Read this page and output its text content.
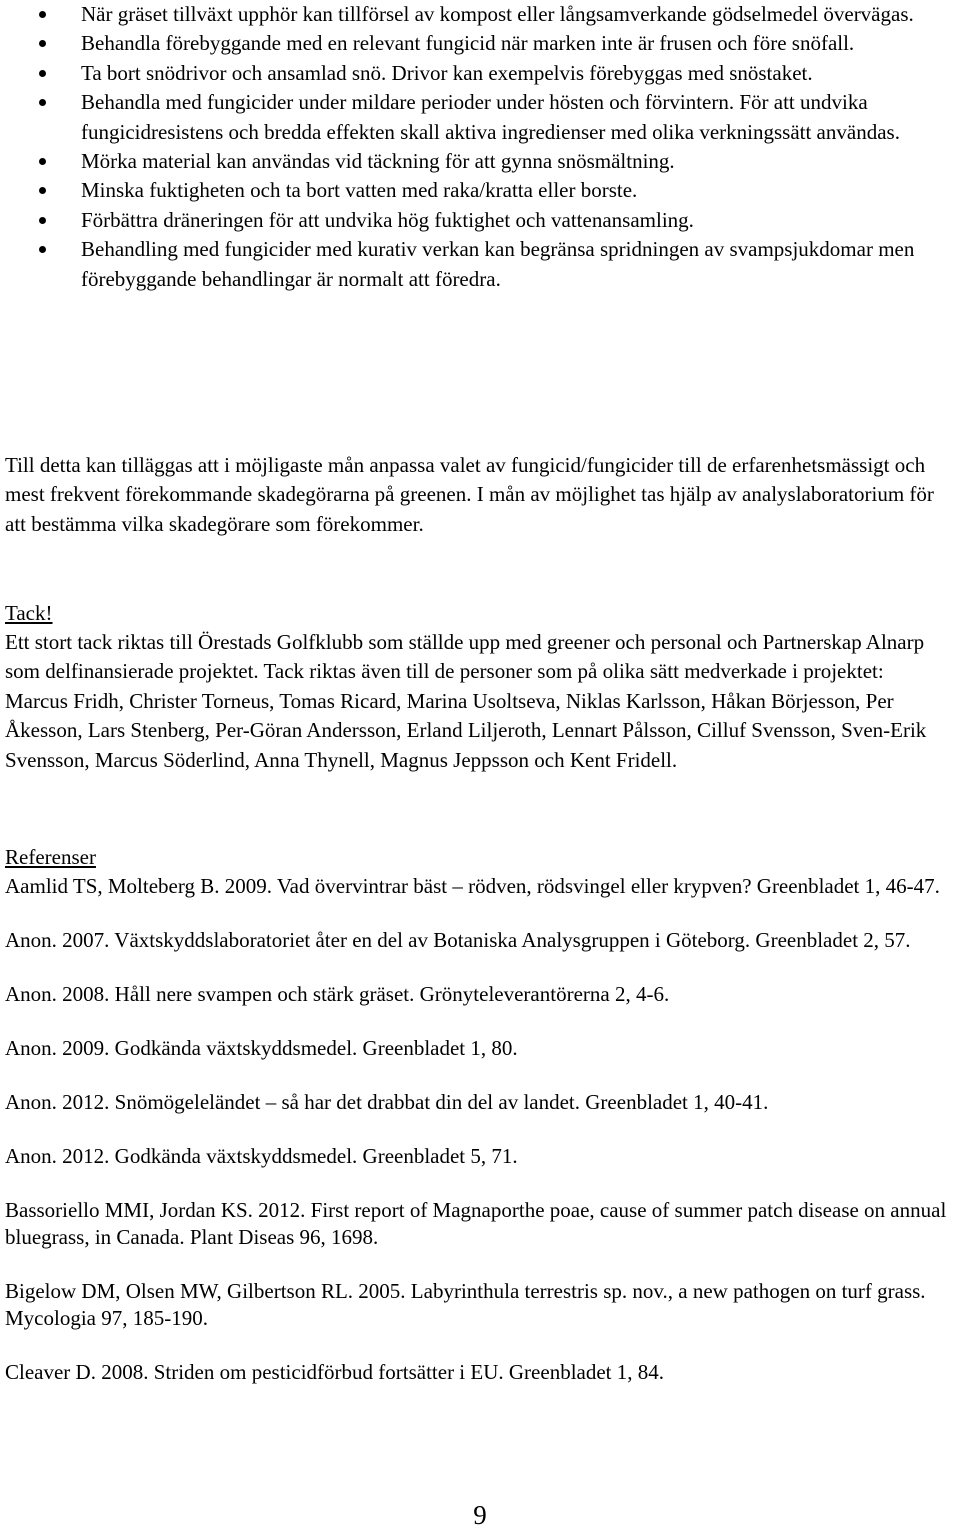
När gräset tillväxt upphör kan tillförsel av kompost eller långsamverkande gödselmedel övervägas.
Behandla förebyggande med en relevant fungicid när marken inte är frusen och före snöfall.
Ta bort snödrivor och ansamlad snö. Drivor kan exempelvis förebyggas med snöstaket.
Behandla med fungicider under mildare perioder under hösten och förvintern. För att undvika fungicidresistens och bredda effekten skall aktiva ingredienser med olika verkningssätt användas.
Mörka material kan användas vid täckning för att gynna snösmältning.
Minska fuktigheten och ta bort vatten med raka/kratta eller borste.
Förbättra dräneringen för att undvika hög fuktighet och vattenansamling.
Behandling med fungicider med kurativ verkan kan begränsa spridningen av svampsjukdomar men förebyggande behandlingar är normalt att föredra.

Till detta kan tilläggas att i möjligaste mån anpassa valet av fungicid/fungicider till de erfarenhetsmässigt och mest frekvent förekommande skadegörarna på greenen. I mån av möjlighet tas hjälp av analyslaboratorium för att bestämma vilka skadegörare som förekommer.

Tack!

Ett stort tack riktas till Örestads Golfklubb som ställde upp med greener och personal och Partnerskap Alnarp som delfinansierade projektet. Tack riktas även till de personer som på olika sätt medverkade i projektet: Marcus Fridh, Christer Torneus, Tomas Ricard, Marina Usoltseva, Niklas Karlsson, Håkan Börjesson, Per Åkesson, Lars Stenberg, Per-Göran Andersson, Erland Liljeroth, Lennart Pålsson, Cilluf Svensson, Sven-Erik Svensson, Marcus Söderlind, Anna Thynell, Magnus Jeppsson och Kent Fridell.

Referenser
Aamlid TS, Molteberg B. 2009. Vad övervintrar bäst – rödven, rödsvingel eller krypven? Greenbladet 1, 46-47.
Anon. 2007. Växtskyddslaboratoriet åter en del av Botaniska Analysgruppen i Göteborg. Greenbladet 2, 57.
Anon. 2008. Håll nere svampen och stärk gräset. Grönyteleverantörerna 2, 4-6.
Anon. 2009. Godkända växtskyddsmedel. Greenbladet 1, 80.
Anon. 2012. Snömögeleländet – så har det drabbat din del av landet. Greenbladet 1, 40-41.
Anon. 2012. Godkända växtskyddsmedel. Greenbladet 5, 71.
Bassoriello MMI, Jordan KS. 2012. First report of Magnaporthe poae, cause of summer patch disease on annual bluegrass, in Canada. Plant Diseas 96, 1698.
Bigelow DM, Olsen MW, Gilbertson RL. 2005. Labyrinthula terrestris sp. nov., a new pathogen on turf grass. Mycologia 97, 185-190.
Cleaver D. 2008. Striden om pesticidförbud fortsätter i EU. Greenbladet 1, 84.
9
